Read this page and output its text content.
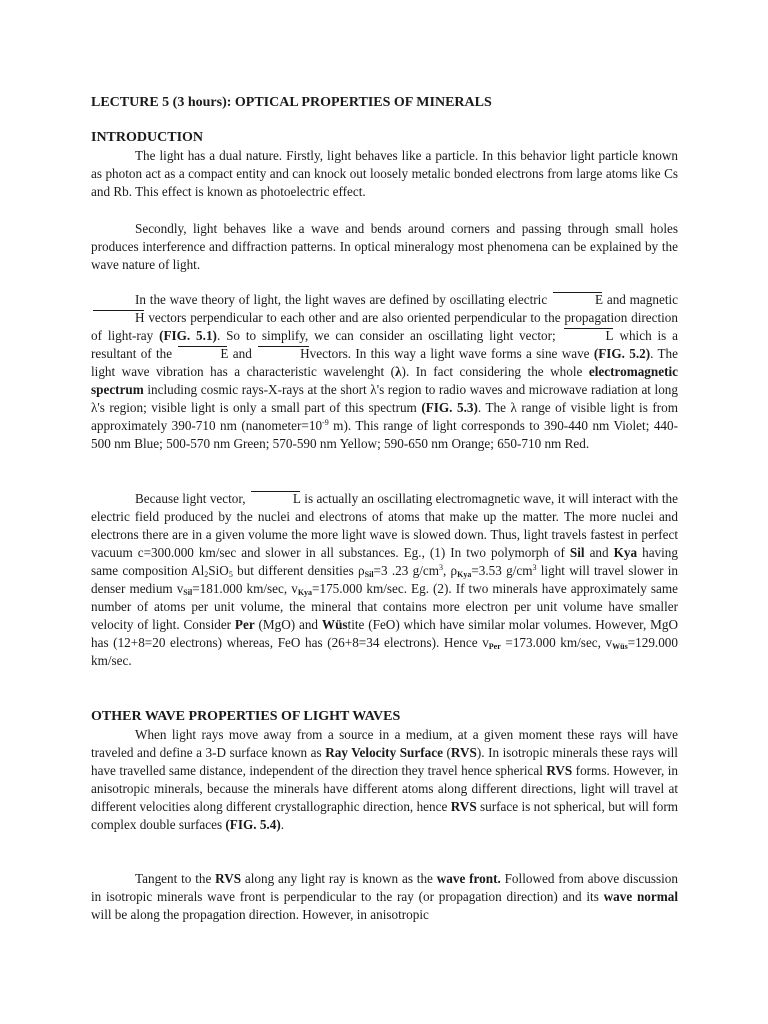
LECTURE 5 (3 hours): OPTICAL PROPERTIES OF MINERALS
INTRODUCTION
The light has a dual nature. Firstly, light behaves like a particle. In this behavior light particle known as photon act as a compact entity and can knock out loosely metalic bonded electrons from large atoms like Cs and Rb. This effect is known as photoelectric effect.
Secondly, light behaves like a wave and bends around corners and passing through small holes produces interference and diffraction patterns. In optical mineralogy most phenomena can be explained by the wave nature of light.
In the wave theory of light, the light waves are defined by oscillating electric	E and magnetic H vectors perpendicular to each other and are also oriented perpendicular to the propagation direction of light-ray (FIG. 5.1). So to simplify, we can consider an oscillating light vector;	L which is a resultant of the	E and	Hvectors. In this way a light wave forms a sine wave (FIG. 5.2). The light wave vibration has a characteristic wavelenght (λ). In fact considering the whole electromagnetic spectrum including cosmic rays-X-rays at the short λ's region to radio waves and microwave radiation at long λ's region; visible light is only a small part of this spectrum (FIG. 5.3). The λ range of visible light is from approximately 390-710 nm ($nanometer=10^{-9}$ m). This range of light corresponds to 390-440 nm Violet; 440-500 nm Blue; 500-570 nm Green; 570-590 nm Yellow; 590-650 nm Orange; 650-710 nm Red.
Because light vector,	L is actually an oscillating electromagnetic wave, it will interact with the electric field produced by the nuclei and electrons of atoms that make up the matter. The more nuclei and electrons there are in a given volume the more light wave is slowed down. Thus, light travels fastest in perfect vacuum c=300.000 km/sec and slower in all substances. Eg., (1) In two polymorph of Sil and Kya having same composition $Al_2SiO_5$ but different densities $\rho_{Sil}=3$ .23 $g/cm^3$, $\rho_{Kya}=3.53$ $g/cm^3$ light will travel slower in denser medium $v_{Sil}=181.000$ km/sec, $v_{Kya}=175.000$ km/sec. Eg. (2). If two minerals have approximately same number of atoms per unit volume, the mineral that contains more electron per unit volume have smaller velocity of light. Consider Per (MgO) and Wüstite (FeO) which have similar molar volumes. However, MgO has (12+8=20 electrons) whereas, FeO has (26+8=34 electrons). Hence $v_{Per} =173.000$ km/sec, $v_{Wüs}=129.000$ km/sec.
OTHER WAVE PROPERTIES OF LIGHT WAVES
When light rays move away from a source in a medium, at a given moment these rays will have traveled and define a 3-D surface known as Ray Velocity Surface (RVS). In isotropic minerals these rays will have travelled same distance, independent of the direction they travel hence spherical RVS forms. However, in anisotropic minerals, because the minerals have different atoms along different directions, light will travel at different velocities along different crystallographic direction, hence RVS surface is not spherical, but will form complex double surfaces (FIG. 5.4).
Tangent to the RVS along any light ray is known as the wave front. Followed from above discussion in isotropic minerals wave front is perpendicular to the ray (or propagation direction) and its wave normal will be along the propagation direction. However, in anisotropic
